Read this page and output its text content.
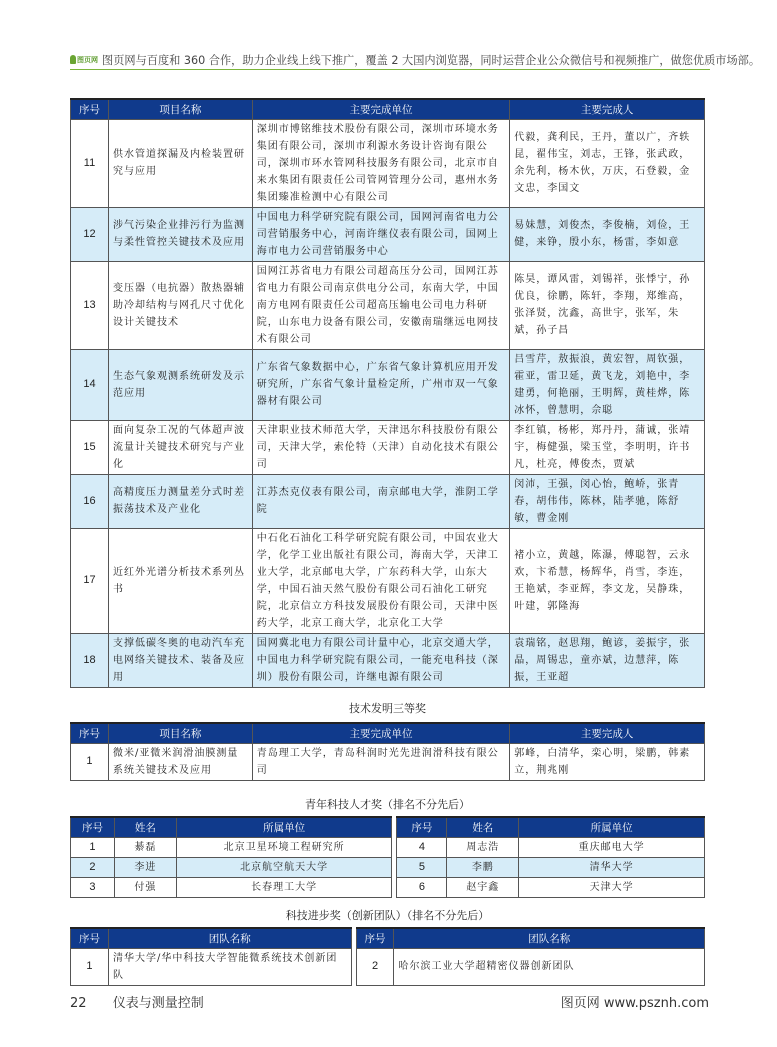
图页网 图页网与百度和 360 合作，助力企业线上线下推广，覆盖 2 大国内浏览器，同时运营企业公众微信号和视频推广，做您优质市场部。
序号	项目名称	主要完成单位	主要完成人
11	供水管道探漏及内检装置研究与应用	深圳市博铭维技术股份有限公司，深圳市环境水务集团有限公司，深圳市利源水务设计咨询有限公司，深圳市环水管网科技服务有限公司，北京市自来水集团有限责任公司管网管理分公司，惠州水务集团臻准检测中心有限公司	代毅，龚利民，王丹，董以广，齐轶昆，翟伟宝，刘志，王锋，张武政，余先利，杨木伙，万庆，石登毅，金文忠，李国文
12	涉气污染企业排污行为监测与柔性管控关键技术及应用	中国电力科学研究院有限公司，国网河南省电力公司营销服务中心，河南许继仪表有限公司，国网上海市电力公司营销服务中心	易妹慧，刘俊杰，李俊楠，刘俭，王健，来铮，殷小东，杨雷，李如意
13	变压器（电抗器）散热器辅助冷却结构与网孔尺寸优化设计关键技术	国网江苏省电力有限公司超高压分公司，国网江苏省电力有限公司南京供电分公司，东南大学，中国南方电网有限责任公司超高压输电公司电力科研院，山东电力设备有限公司，安徽南瑞继远电网技术有限公司	陈昊，谭风雷，刘锡祥，张悸宁，孙优良，徐鹏，陈轩，李翔，郑维高，张泽贤，沈鑫，高世宇，张军，朱斌，孙子昌
14	生态气象观测系统研发及示范应用	广东省气象数据中心，广东省气象计算机应用开发研究所，广东省气象计量检定所，广州市双一气象器材有限公司	吕雪芹，敖振浪，黄宏智，周钦强，霍亚，雷卫延，黄飞龙，刘艳中，李建勇，何艳丽，王明辉，黄桂烨，陈冰怀，曾慧明，佘聪
15	面向复杂工况的气体超声波流量计关键技术研究与产业化	天津职业技术师范大学，天津迅尔科技股份有限公司，天津大学，索伦特（天津）自动化技术有限公司	李红镇，杨彬，郑丹丹，蒲诚，张靖宇，梅健强，梁玉堂，李明明，许书凡，杜亮，傅俊杰，贾斌
16	高精度压力测量差分式时差振荡技术及产业化	江苏杰克仪表有限公司，南京邮电大学，淮阴工学院	闵沛，王强，闵心怡，鲍峤，张青春，胡伟伟，陈林，陆孝驰，陈舒敏，曹金刚
17	近红外光谱分析技术系列丛书	中石化石油化工科学研究院有限公司，中国农业大学，化学工业出版社有限公司，海南大学，天津工业大学，北京邮电大学，广东药科大学，山东大学，中国石油天然气股份有限公司石油化工研究院，北京信立方科技发展股份有限公司，天津中医药大学，北京工商大学，北京化工大学	褚小立，黄越，陈瀑，傅聪智，云永欢，卞希慧，杨辉华，肖雪，李连，王艳斌，李亚辉，李文龙，吴静珠，叶建，郭隆海
18	支撑低碳冬奥的电动汽车充电网络关键技术、装备及应用	国网冀北电力有限公司计量中心，北京交通大学，中国电力科学研究院有限公司，一能充电科技（深圳）股份有限公司，许继电源有限公司	袁瑞铭，赵思翔，鲍谚，姜振宇，张晶，周锡忠，童亦斌，边慧萍，陈振，王亚超
技术发明三等奖
序号	项目名称	主要完成单位	主要完成人
1	微米/亚微米润滑油膜测量系统关键技术及应用	青岛理工大学，青岛科润时光先进润滑科技有限公司	郭峰，白清华，栾心明，梁鹏，韩素立，荆兆刚
青年科技人才奖（排名不分先后）
序号	姓名	所属单位		序号	姓名	所属单位
1	綦磊	北京卫星环境工程研究所		4	周志浩	重庆邮电大学
2	李进	北京航空航天大学		5	李鹏	清华大学
3	付强	长春理工大学		6	赵宇鑫	天津大学
科技进步奖（创新团队）（排名不分先后）
序号	团队名称		序号	团队名称
1	清华大学/华中科技大学智能微系统技术创新团队		2	哈尔滨工业大学超精密仪器创新团队
22 仪表与测量控制	图页网 www.psznh.com
